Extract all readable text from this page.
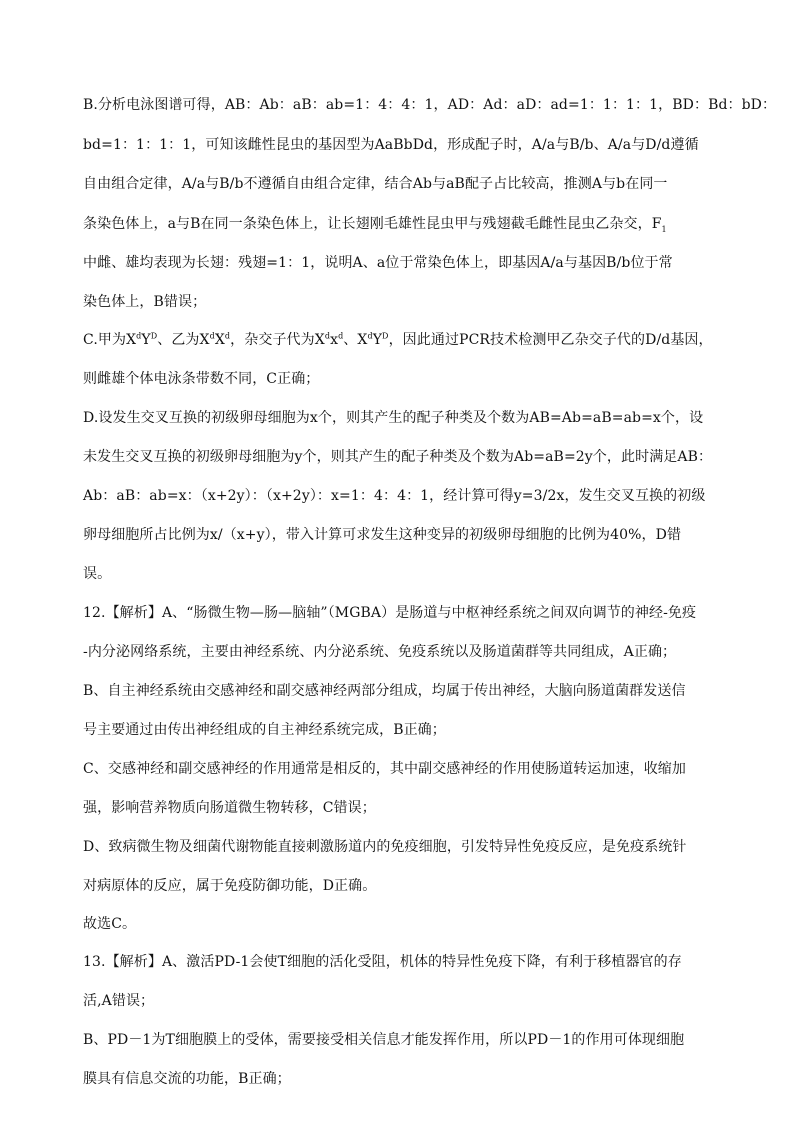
B.分析电泳图谱可得，AB：Ab：aB：ab=1：4：4：1，AD：Ad：aD：ad=1：1：1：1，BD：Bd：bD：
bd=1：1：1：1，可知该雌性昆虫的基因型为AaBbDd，形成配子时，A/a与B/b、A/a与D/d遵循
自由组合定律，A/a与B/b不遵循自由组合定律，结合Ab与aB配子占比较高，推测A与b在同一
条染色体上，a与B在同一条染色体上，让长翅刚毛雄性昆虫甲与残翅截毛雌性昆虫乙杂交，$F_1$
中雌、雄均表现为长翅：残翅=1：1，说明A、a位于常染色体上，即基因A/a与基因B/b位于常
染色体上，B错误；
C.甲为$X^dY^D$、乙为$X^dX^d$，杂交子代为$X^dx^d$、$X^dY^D$，因此通过PCR技术检测甲乙杂交子代的D/d基因，
则雌雄个体电泳条带数不同，C正确；
D.设发生交叉互换的初级卵母细胞为x个，则其产生的配子种类及个数为AB=Ab=aB=ab=x个，设
未发生交叉互换的初级卵母细胞为y个，则其产生的配子种类及个数为Ab=aB=2y个，此时满足AB：
Ab：aB：ab=x：（x+2y）：（x+2y）：x=1：4：4：1，经计算可得y=3/2x，发生交叉互换的初级
卵母细胞所占比例为x/（x+y），带入计算可求发生这种变异的初级卵母细胞的比例为40%，D错
误。
12.【解析】A、“肠微生物—肠—脑轴”（MGBA）是肠道与中枢神经系统之间双向调节的神经-免疫
-内分泌网络系统，主要由神经系统、内分泌系统、免疫系统以及肠道菌群等共同组成，A正确；
B、自主神经系统由交感神经和副交感神经两部分组成，均属于传出神经，大脑向肠道菌群发送信
号主要通过由传出神经组成的自主神经系统完成，B正确；
C、交感神经和副交感神经的作用通常是相反的，其中副交感神经的作用使肠道转运加速，收缩加
强，影响营养物质向肠道微生物转移，C错误；
D、致病微生物及细菌代谢物能直接刺激肠道内的免疫细胞，引发特异性免疫反应，是免疫系统针
对病原体的反应，属于免疫防御功能，D正确。
故选C。
13.【解析】A、激活PD-1会使T细胞的活化受阻，机体的特异性免疫下降，有利于移植器官的存
活,A错误；
B、PD－1为T细胞膜上的受体，需要接受相关信息才能发挥作用，所以PD－1的作用可体现细胞
膜具有信息交流的功能，B正确；
